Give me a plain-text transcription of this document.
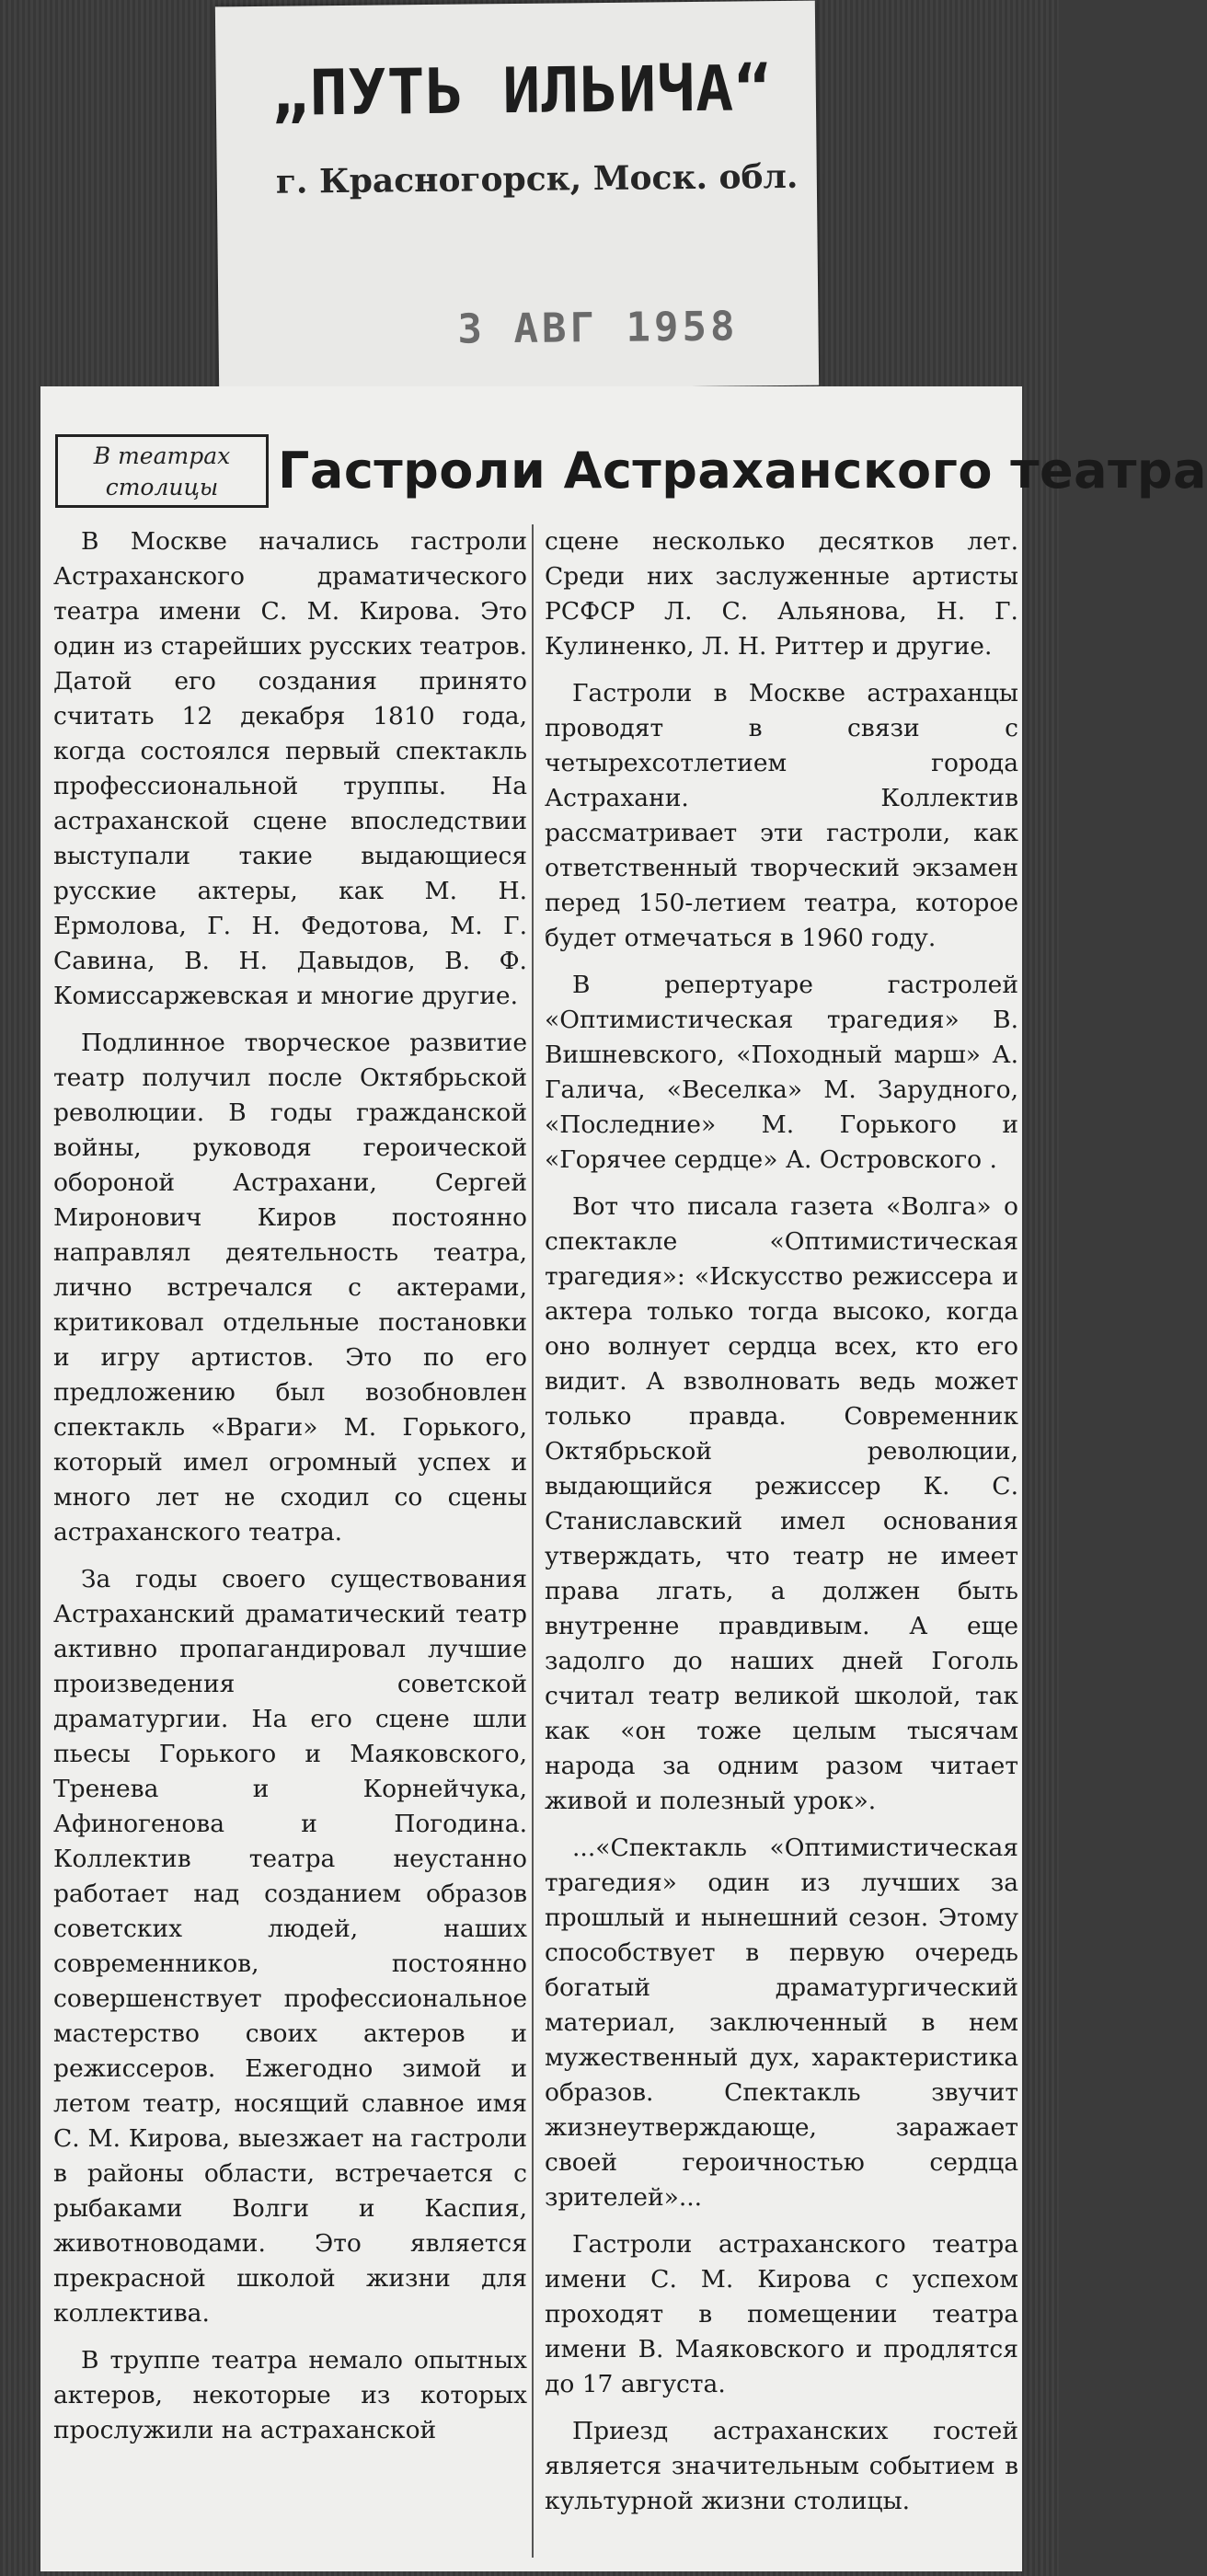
„ПУТЬ ИЛЬИЧА“
г. Красногорск, Моск. обл.
3 АВГ 1958
В театрах
столицы	Гастроли Астраханского театра

В Москве начались гастроли Астраханского драматического театра имени С. М. Кирова. Это один из старейших русских театров. Датой его создания принято считать 12 декабря 1810 года, когда состоялся первый спектакль профессиональной труппы. На астраханской сцене впоследствии выступали такие выдающиеся русские актеры, как М. Н. Ермолова, Г. Н. Федотова, М. Г. Савина, В. Н. Давыдов, В. Ф. Комиссаржевская и многие другие.

Подлинное творческое развитие театр получил после Октябрьской революции. В годы гражданской войны, руководя героической обороной Астрахани, Сергей Миронович Киров постоянно направлял деятельность театра, лично встречался с актерами, критиковал отдельные постановки и игру артистов. Это по его предложению был возобновлен спектакль «Враги» М. Горького, который имел огромный успех и много лет не сходил со сцены астраханского театра.

За годы своего существования Астраханский драматический театр активно пропагандировал лучшие произведения советской драматургии. На его сцене шли пьесы Горького и Маяковского, Тренева и Корнейчука, Афиногенова и Погодина. Коллектив театра неустанно работает над созданием образов советских людей, наших современников, постоянно совершенствует профессиональное мастерство своих актеров и режиссеров. Ежегодно зимой и летом театр, носящий славное имя С. М. Кирова, выезжает на гастроли в районы области, встречается с рыбаками Волги и Каспия, животноводами. Это является прекрасной школой жизни для коллектива.

В труппе театра немало опытных актеров, некоторые из которых прослужили на астраханской

сцене несколько десятков лет. Среди них заслуженные артисты РСФСР Л. С. Альянова, Н. Г. Кулиненко, Л. Н. Риттер и другие.

Гастроли в Москве астраханцы проводят в связи с четырехсотлетием города Астрахани. Коллектив рассматривает эти гастроли, как ответственный творческий экзамен перед 150-летием театра, которое будет отмечаться в 1960 году.

В репертуаре гастролей «Оптимистическая трагедия» В. Вишневского, «Походный марш» А. Галича, «Веселка» М. Зарудного, «Последние» М. Горького и «Горячее сердце» А. Островского .

Вот что писала газета «Волга» о спектакле «Оптимистическая трагедия»: «Искусство режиссера и актера только тогда высоко, когда оно волнует сердца всех, кто его видит. А взволновать ведь может только правда. Современник Октябрьской революции, выдающийся режиссер К. С. Станиславский имел основания утверждать, что театр не имеет права лгать, а должен быть внутренне правдивым. А еще задолго до наших дней Гоголь считал театр великой школой, так как «он тоже целым тысячам народа за одним разом читает живой и полезный урок».

...«Спектакль «Оптимистическая трагедия» один из лучших за прошлый и нынешний сезон. Этому способствует в первую очередь богатый драматургический материал, заключенный в нем мужественный дух, характеристика образов. Спектакль звучит жизнеутверждающе, заражает своей героичностью сердца зрителей»...

Гастроли астраханского театра имени С. М. Кирова с успехом проходят в помещении театра имени В. Маяковского и продлятся до 17 августа.

Приезд астраханских гостей является значительным событием в культурной жизни столицы.
